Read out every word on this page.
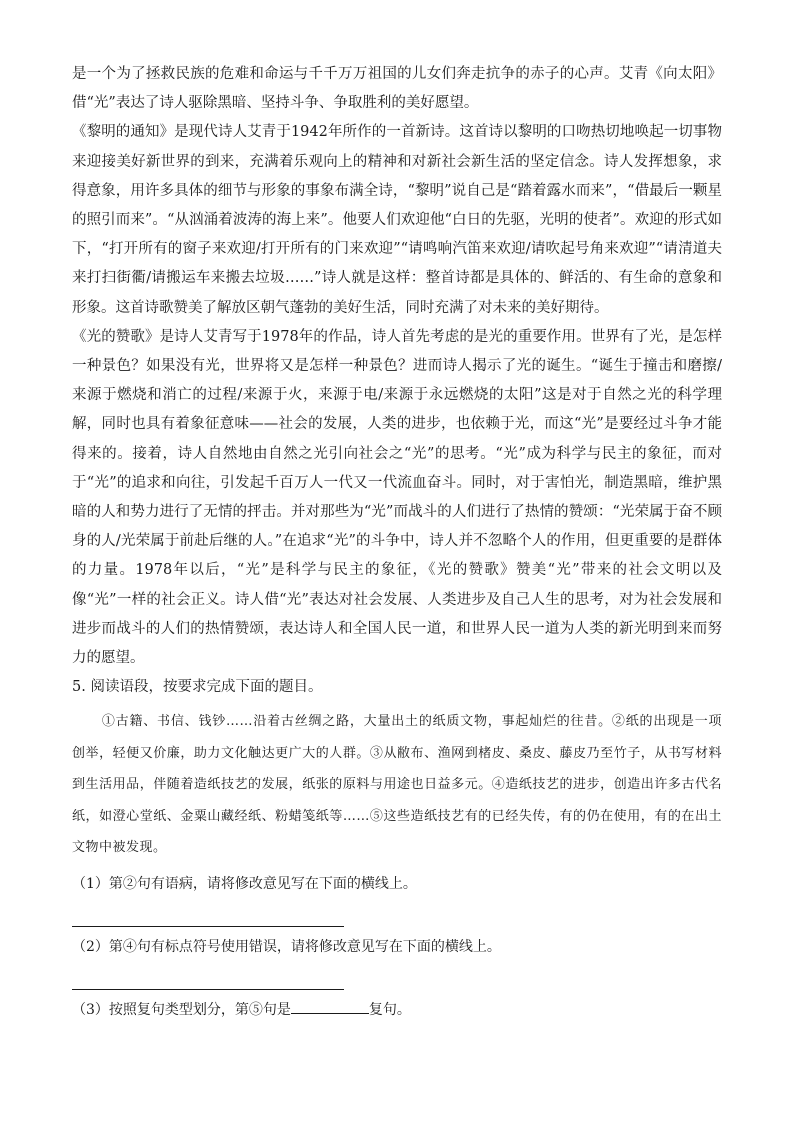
是一个为了拯救民族的危难和命运与千千万万祖国的儿女们奔走抗争的赤子的心声。艾青《向太阳》借“光”表达了诗人驱除黑暗、坚持斗争、争取胜利的美好愿望。

《黎明的通知》是现代诗人艾青于1942年所作的一首新诗。这首诗以黎明的口吻热切地唤起一切事物来迎接美好新世界的到来，充满着乐观向上的精神和对新社会新生活的坚定信念。诗人发挥想象，求得意象，用许多具体的细节与形象的事象布满全诗，“黎明”说自己是“踏着露水而来”，“借最后一颗星的照引而来”。“从汹涌着波涛的海上来”。他要人们欢迎他“白日的先驱，光明的使者”。欢迎的形式如下，“打开所有的窗子来欢迎/打开所有的门来欢迎”“请鸣响汽笛来欢迎/请吹起号角来欢迎”“请清道夫来打扫街衢/请搬运车来搬去垃圾……”诗人就是这样：整首诗都是具体的、鲜活的、有生命的意象和形象。这首诗歌赞美了解放区朝气蓬勃的美好生活，同时充满了对未来的美好期待。

《光的赞歌》是诗人艾青写于1978年的作品，诗人首先考虑的是光的重要作用。世界有了光，是怎样一种景色？如果没有光，世界将又是怎样一种景色？进而诗人揭示了光的诞生。“诞生于撞击和磨擦/来源于燃烧和消亡的过程/来源于火，来源于电/来源于永远燃烧的太阳”这是对于自然之光的科学理解，同时也具有着象征意味——社会的发展，人类的进步，也依赖于光，而这“光”是要经过斗争才能得来的。接着，诗人自然地由自然之光引向社会之“光”的思考。“光”成为科学与民主的象征，而对于“光”的追求和向往，引发起千百万人一代又一代流血奋斗。同时，对于害怕光，制造黑暗，维护黑暗的人和势力进行了无情的抨击。并对那些为“光”而战斗的人们进行了热情的赞颂：“光荣属于奋不顾身的人/光荣属于前赴后继的人。”在追求“光”的斗争中，诗人并不忽略个人的作用，但更重要的是群体的力量。1978年以后，“光”是科学与民主的象征，《光的赞歌》赞美“光”带来的社会文明以及像“光”一样的社会正义。诗人借“光”表达对社会发展、人类进步及自己人生的思考，对为社会发展和进步而战斗的人们的热情赞颂，表达诗人和全国人民一道，和世界人民一道为人类的新光明到来而努力的愿望。

5. 阅读语段，按要求完成下面的题目。

①古籍、书信、钱钞……沿着古丝绸之路，大量出土的纸质文物，事起灿烂的往昔。②纸的出现是一项创举，轻便又价廉，助力文化触达更广大的人群。③从敝布、渔网到楮皮、桑皮、藤皮乃至竹子，从书写材料到生活用品，伴随着造纸技艺的发展，纸张的原料与用途也日益多元。④造纸技艺的进步，创造出许多古代名纸，如澄心堂纸、金粟山藏经纸、粉蜡笺纸等……⑤这些造纸技艺有的已经失传，有的仍在使用，有的在出土文物中被发现。

（1）第②句有语病，请将修改意见写在下面的横线上。

（2）第④句有标点符号使用错误，请将修改意见写在下面的横线上。

（3）按照复句类型划分，第⑤句是	复句。
